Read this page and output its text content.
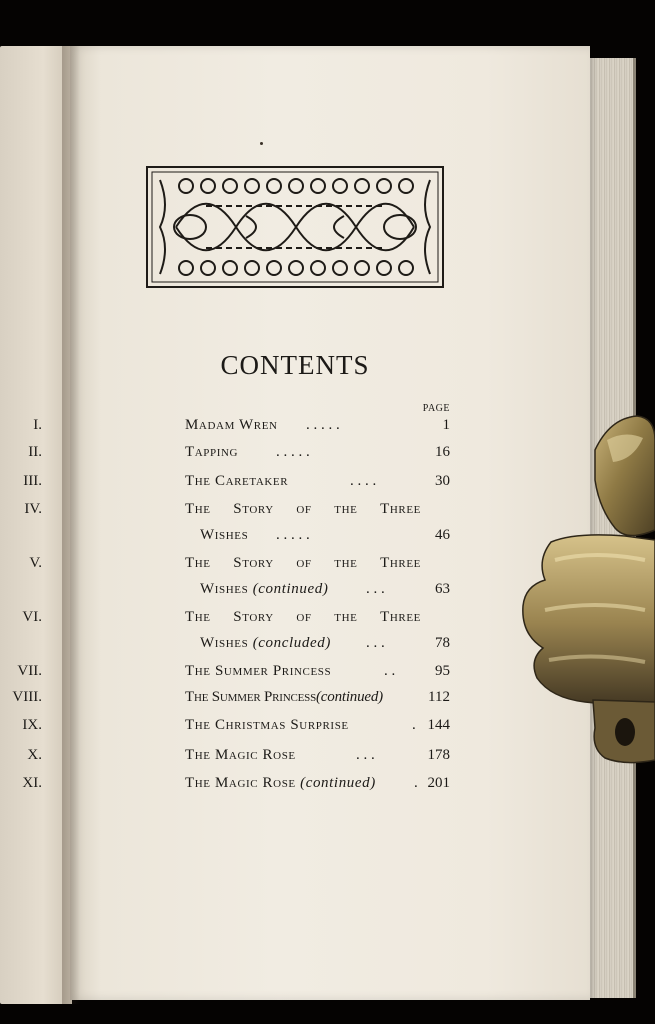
CONTENTS
PAGE
I.	Madam Wren . . . . .	1
II.	Tapping	. . . . .	16
III.	The Caretaker	. . . .	30
IV.	The Story of the Three
Wishes . . . . .	46
V.	The Story of the Three
Wishes (continued)	. . .	63
VI.	The Story of the Three
Wishes (concluded) . . .	78
VII.	The Summer Princess	. .	95
VIII.	The Summer Princess(continued)	112
IX.	The Christmas Surprise	. 144
X.	The Magic Rose	. . .	178
XI.	The Magic Rose (continued)	. 201
